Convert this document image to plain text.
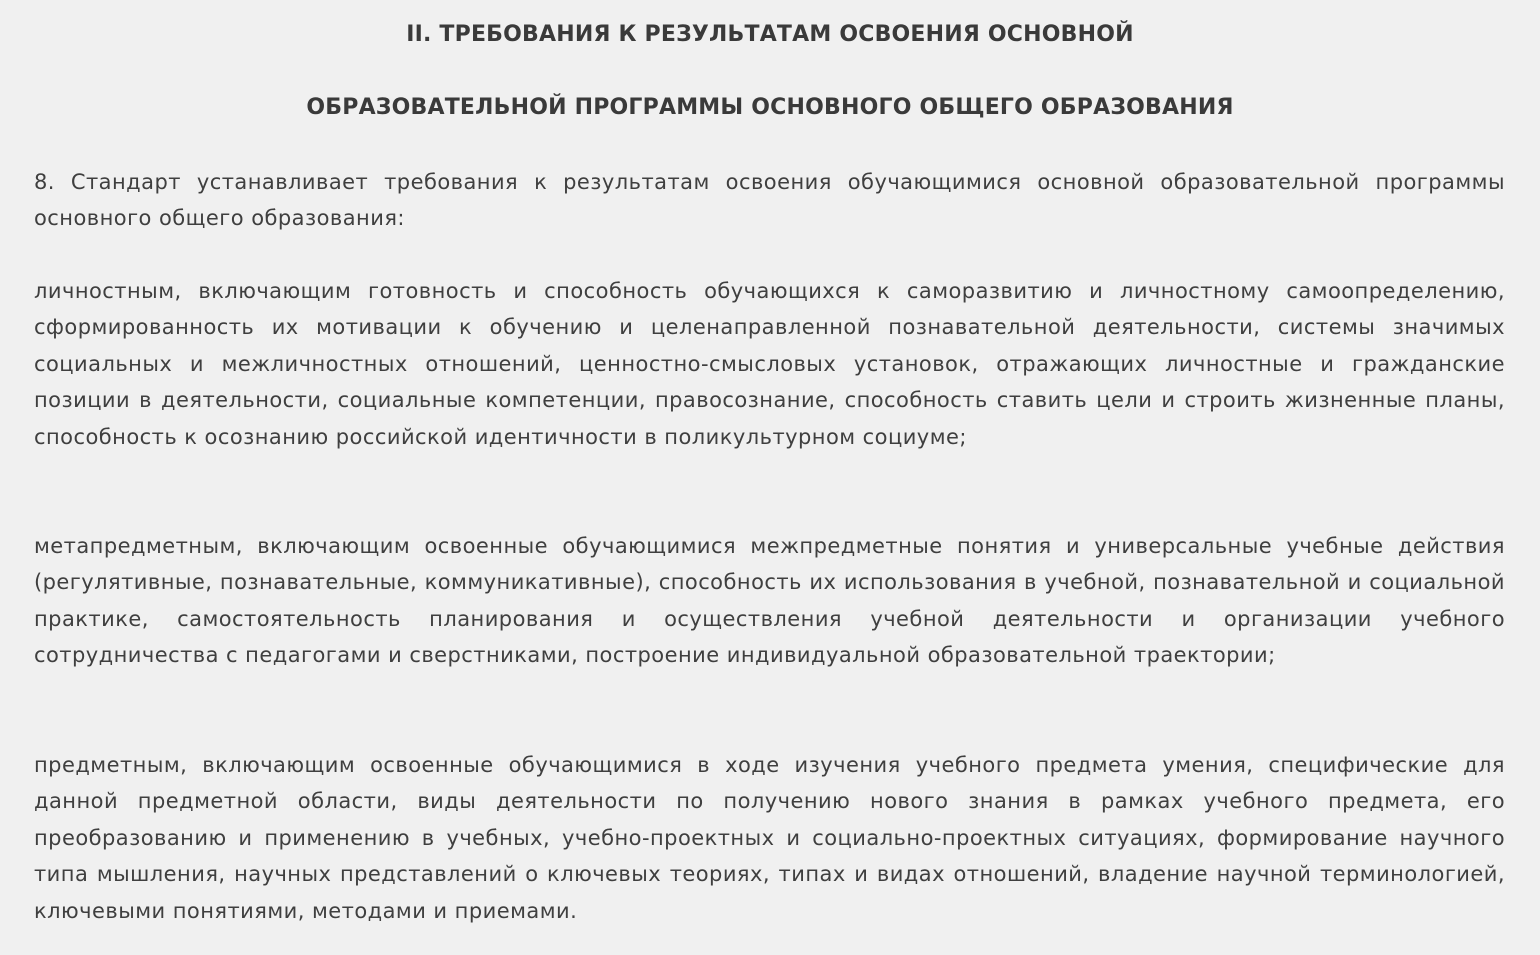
II. ТРЕБОВАНИЯ К РЕЗУЛЬТАТАМ ОСВОЕНИЯ ОСНОВНОЙ
ОБРАЗОВАТЕЛЬНОЙ ПРОГРАММЫ ОСНОВНОГО ОБЩЕГО ОБРАЗОВАНИЯ

8. Стандарт устанавливает требования к результатам освоения обучающимися основной образовательной программы основного общего образования:

личностным, включающим готовность и способность обучающихся к саморазвитию и личностному самоопределению, сформированность их мотивации к обучению и целенаправленной познавательной деятельности, системы значимых социальных и межличностных отношений, ценностно-смысловых установок, отражающих личностные и гражданские позиции в деятельности, социальные компетенции, правосознание, способность ставить цели и строить жизненные планы, способность к осознанию российской идентичности в поликультурном социуме;

метапредметным, включающим освоенные обучающимися межпредметные понятия и универсальные учебные действия (регулятивные, познавательные, коммуникативные), способность их использования в учебной, познавательной и социальной практике, самостоятельность планирования и осуществления учебной деятельности и организации учебного сотрудничества с педагогами и сверстниками, построение индивидуальной образовательной траектории;

предметным, включающим освоенные обучающимися в ходе изучения учебного предмета умения, специфические для данной предметной области, виды деятельности по получению нового знания в рамках учебного предмета, его преобразованию и применению в учебных, учебно-проектных и социально-проектных ситуациях, формирование научного типа мышления, научных представлений о ключевых теориях, типах и видах отношений, владение научной терминологией, ключевыми понятиями, методами и приемами.
